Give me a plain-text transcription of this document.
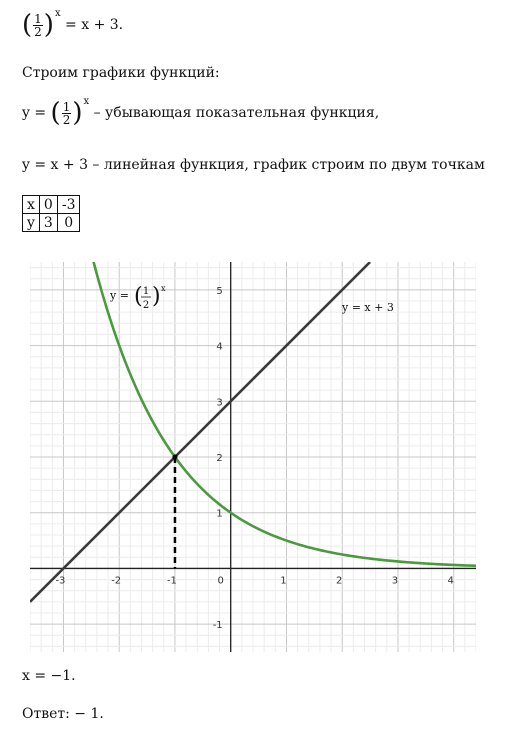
( $\frac{1}{2} )^x = x + 3$.
Строим графики функций:
y = ( $\frac{1}{2} )^x$ – убывающая показательная функция,
y = x + 3 – линейная функция, график строим по двум точкам
x	0	-3
y	3	0
-3	-2	-1	0	1	2	3	4
-1
1
2
3
4
5
y = ( 1
2 ) x
y = x + 3
x = −1.
Ответ: − 1.
